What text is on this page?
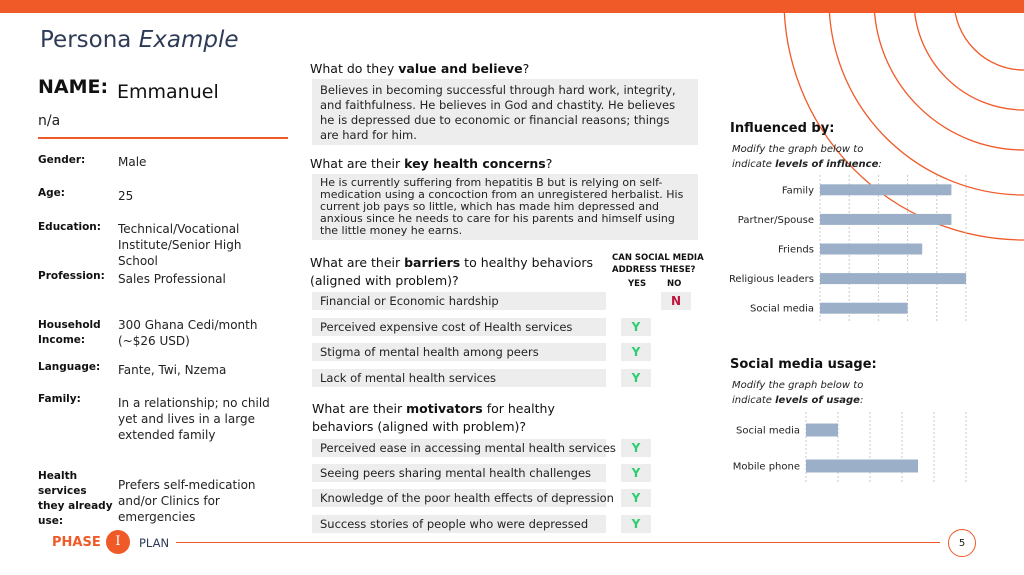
Persona Example
NAME: Emmanuel
n/a
Gender:	Male
Age:	25
Education: Technical/Vocational Institute/Senior High School
Profession: Sales Professional
Household Income:
300 Ghana Cedi/month (~$26 USD)
Language: Fante, Twi, Nzema
Family:	In a relationship; no child yet and lives in a large extended family
Health services they already use:
Prefers self-medication and/or Clinics for emergencies
What do they value and believe?
Believes in becoming successful through hard work, integrity, and faithfulness. He believes in God and chastity. He believes he is depressed due to economic or financial reasons; things are hard for him.
What are their key health concerns?
He is currently suffering from hepatitis B but is relying on self-medication using a concoction from an unregistered herbalist. His current job pays so little, which has made him depressed and anxious since he needs to care for his parents and himself using the little money he earns.
What are their barriers to healthy behaviors (aligned with problem)?
CAN SOCIAL MEDIA
ADDRESS THESE?
YES NO
Financial or Economic hardship	N
Perceived expensive cost of Health services	Y
Stigma of mental health among peers	Y
Lack of mental health services	Y
What are their motivators for healthy behaviors (aligned with problem)?
Perceived ease in accessing mental health services	Y
Seeing peers sharing mental health challenges	Y
Knowledge of the poor health effects of depression	Y
Success stories of people who were depressed	Y
Influenced by:
Modify the graph below to
indicate levels of influence:
Family
Partner/Spouse
Friends
Religious leaders
Social media
Social media usage:
Modify the graph below to
indicate levels of usage:
Social media
Mobile phone
PHASE	I	PLAN	5
